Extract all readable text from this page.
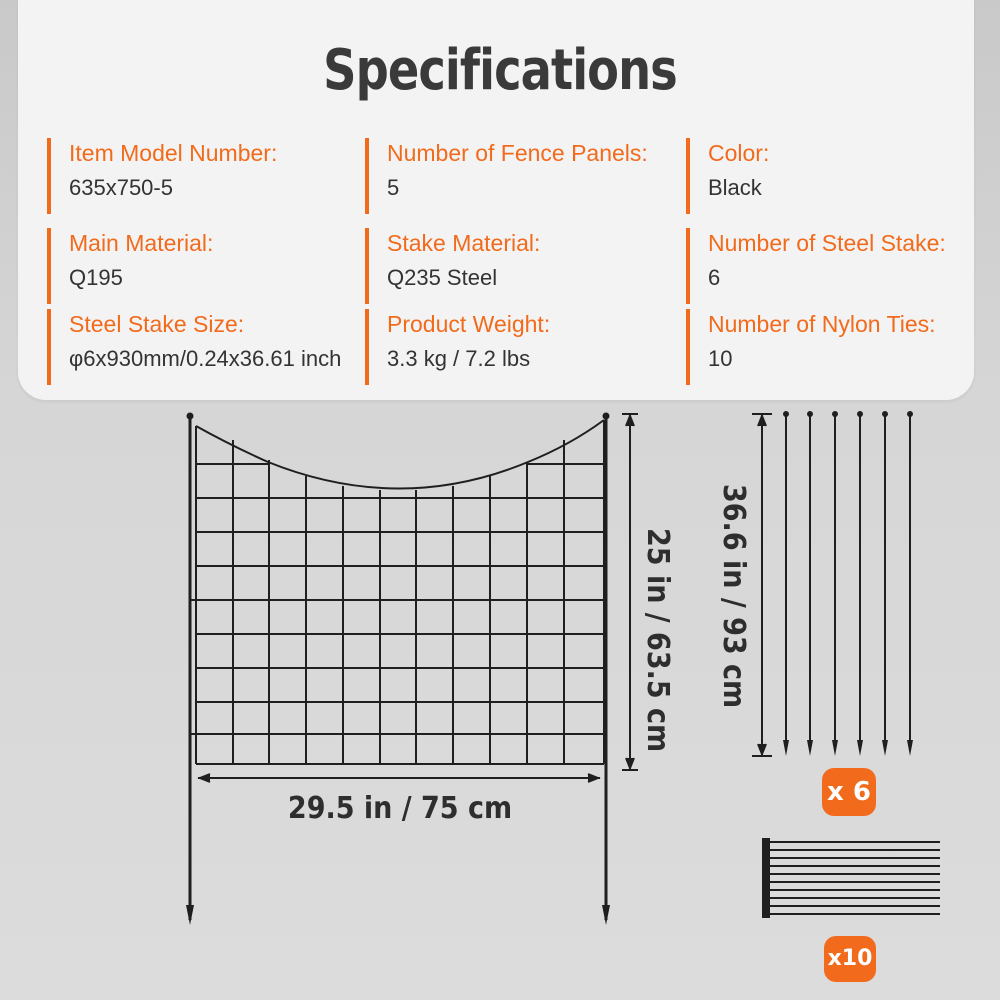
Specifications
Item Model Number:
635x750-5
Number of Fence Panels:
5
Color:
Black
Main Material:
Q195
Stake Material:
Q235 Steel
Number of Steel Stake:
6
Steel Stake Size:
φ6x930mm/0.24x36.61 inch
Product Weight:
3.3 kg / 7.2 lbs
Number of Nylon Ties:
10
25 in / 63.5 cm
29.5 in / 75 cm
36.6 in / 93 cm
x 6
x10
